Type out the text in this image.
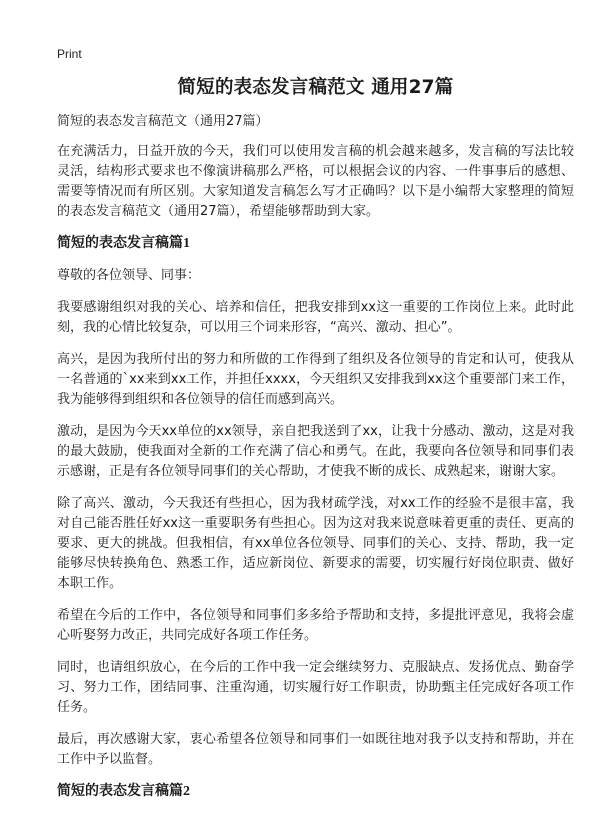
Print
简短的表态发言稿范文 通用27篇
简短的表态发言稿范文（通用27篇）

在充满活力，日益开放的今天，我们可以使用发言稿的机会越来越多，发言稿的写法比较灵活，结构形式要求也不像演讲稿那么严格，可以根据会议的内容、一件事事后的感想、需要等情况而有所区别。大家知道发言稿怎么写才正确吗？以下是小编帮大家整理的简短的表态发言稿范文（通用27篇），希望能够帮助到大家。

简短的表态发言稿篇1

尊敬的各位领导、同事：

我要感谢组织对我的关心、培养和信任，把我安排到xx这一重要的工作岗位上来。此时此刻，我的心情比较复杂，可以用三个词来形容，“高兴、激动、担心”。

高兴，是因为我所付出的努力和所做的工作得到了组织及各位领导的肯定和认可，使我从一名普通的`xx来到xx工作，并担任xxxx，今天组织又安排我到xx这个重要部门来工作，我为能够得到组织和各位领导的信任而感到高兴。

激动，是因为今天xx单位的xx领导，亲自把我送到了xx，让我十分感动、激动，这是对我的最大鼓励，使我面对全新的工作充满了信心和勇气。在此，我要向各位领导和同事们表示感谢，正是有各位领导同事们的关心帮助，才使我不断的成长、成熟起来，谢谢大家。

除了高兴、激动，今天我还有些担心，因为我材疏学浅，对xx工作的经验不是很丰富，我对自己能否胜任好xx这一重要职务有些担心。因为这对我来说意味着更重的责任、更高的要求、更大的挑战。但我相信，有xx单位各位领导、同事们的关心、支持、帮助，我一定能够尽快转换角色、熟悉工作，适应新岗位、新要求的需要，切实履行好岗位职责、做好本职工作。

希望在今后的工作中，各位领导和同事们多多给予帮助和支持，多提批评意见，我将会虚心听娶努力改正，共同完成好各项工作任务。

同时，也请组织放心，在今后的工作中我一定会继续努力、克服缺点、发扬优点、勤奋学习、努力工作，团结同事、注重沟通，切实履行好工作职责，协助甄主任完成好各项工作任务。

最后，再次感谢大家，衷心希望各位领导和同事们一如既往地对我予以支持和帮助，并在工作中予以监督。

简短的表态发言稿篇2
